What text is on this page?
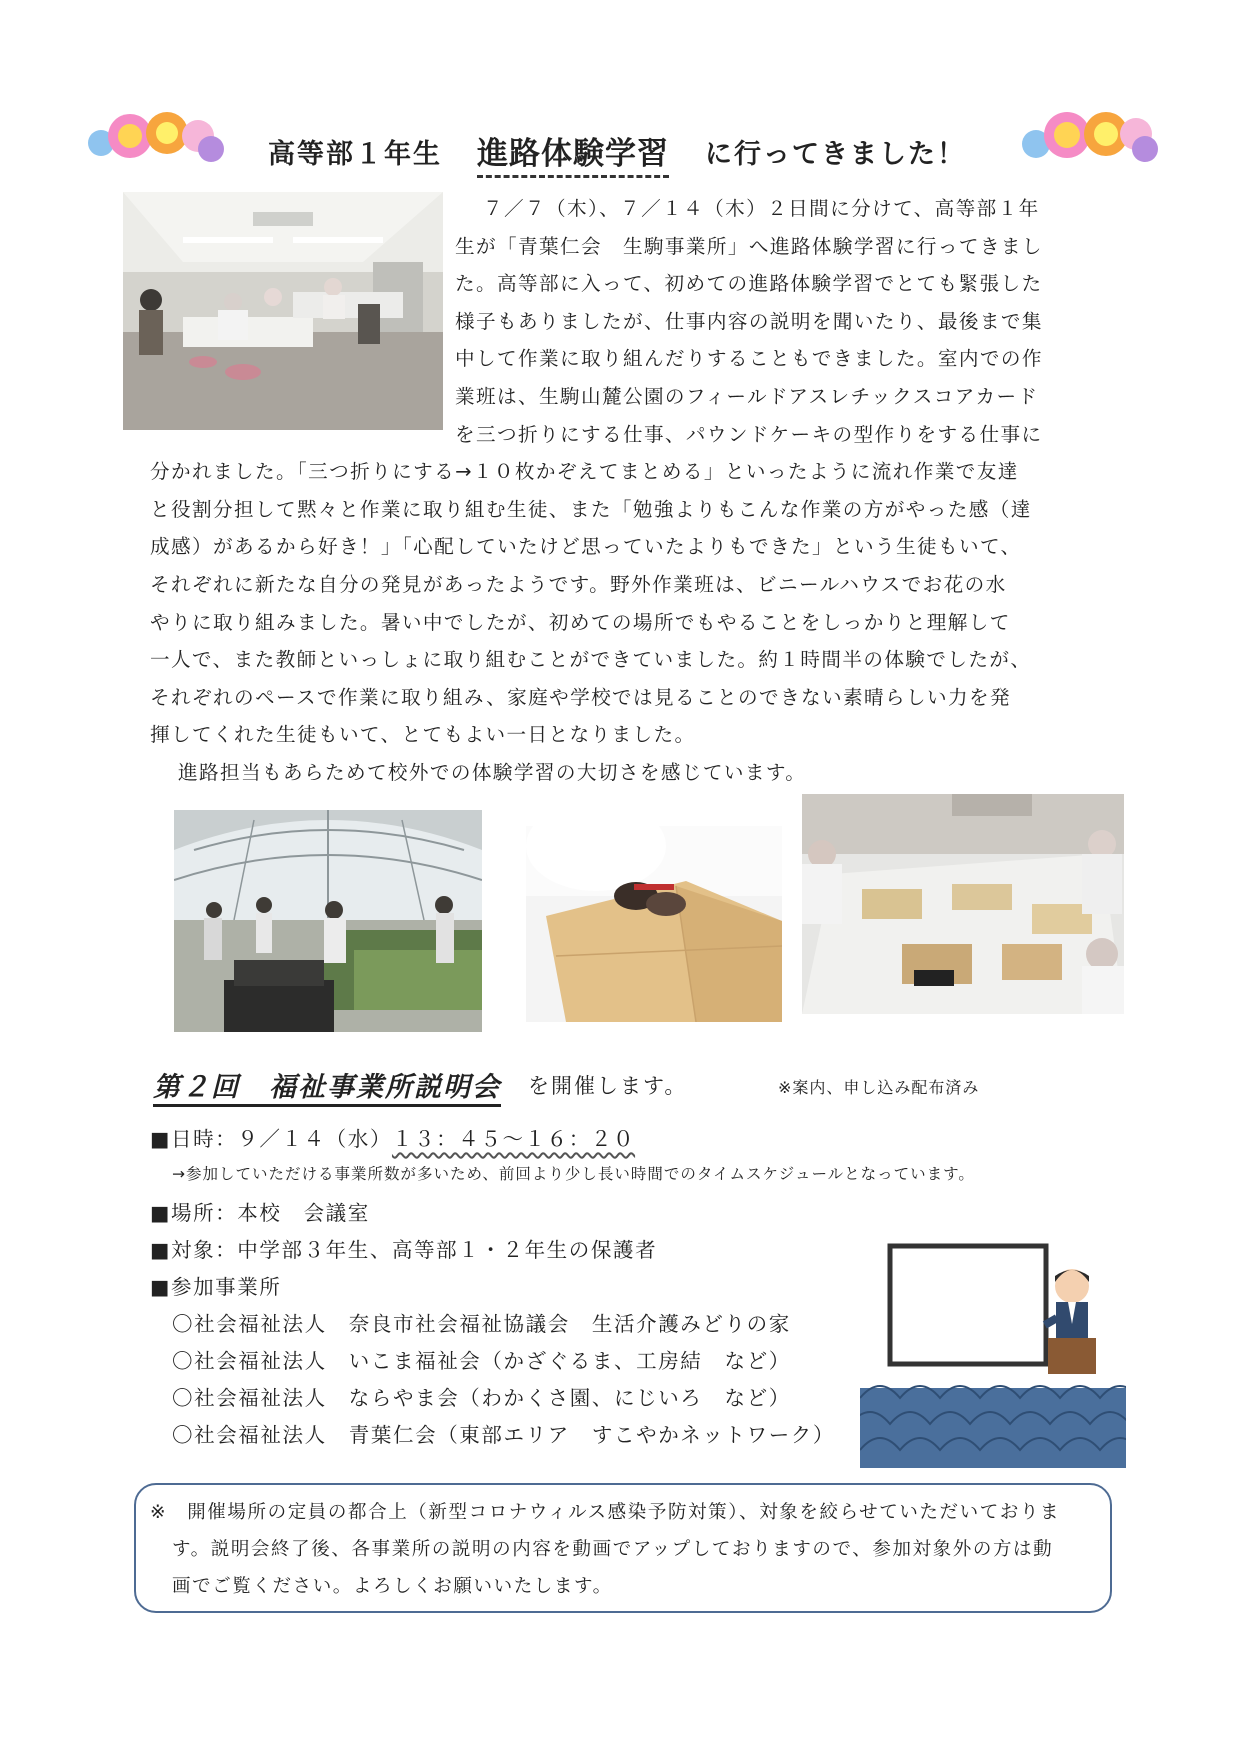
高等部１年生 進路体験学習 に行ってきました！

７／７（木）、７／１４（木）２日間に分けて、高等部１年

生が「青葉仁会　生駒事業所」へ進路体験学習に行ってきまし

た。高等部に入って、初めての進路体験学習でとても緊張した

様子もありましたが、仕事内容の説明を聞いたり、最後まで集

中して作業に取り組んだりすることもできました。室内での作

業班は、生駒山麓公園のフィールドアスレチックスコアカード

を三つ折りにする仕事、パウンドケーキの型作りをする仕事に

分かれました。「三つ折りにする→１０枚かぞえてまとめる」といったように流れ作業で友達

と役割分担して黙々と作業に取り組む生徒、また「勉強よりもこんな作業の方がやった感（達

成感）があるから好き！」「心配していたけど思っていたよりもできた」という生徒もいて、

それぞれに新たな自分の発見があったようです。野外作業班は、ビニールハウスでお花の水

やりに取り組みました。暑い中でしたが、初めての場所でもやることをしっかりと理解して

一人で、また教師といっしょに取り組むことができていました。約１時間半の体験でしたが、

それぞれのペースで作業に取り組み、家庭や学校では見ることのできない素晴らしい力を発

揮してくれた生徒もいて、とてもよい一日となりました。

進路担当もあらためて校外での体験学習の大切さを感じています。

第２回　福祉事業所説明会 を開催します。	※案内、申し込み配布済み
■日時：９／１４（水）１３：４５～１６：２０
→参加していただける事業所数が多いため、前回より少し長い時間でのタイムスケジュールとなっています。
■場所：本校　会議室
■対象：中学部３年生、高等部１・２年生の保護者
■参加事業所
〇社会福祉法人　奈良市社会福祉協議会　生活介護みどりの家
〇社会福祉法人　いこま福祉会（かざぐるま、工房結　など）
〇社会福祉法人　ならやま会（わかくさ園、にじいろ　など）
〇社会福祉法人　青葉仁会（東部エリア　すこやかネットワーク）
※　開催場所の定員の都合上（新型コロナウィルス感染予防対策）、対象を絞らせていただいておりま
す。説明会終了後、各事業所の説明の内容を動画でアップしておりますので、参加対象外の方は動
画でご覧ください。よろしくお願いいたします。
